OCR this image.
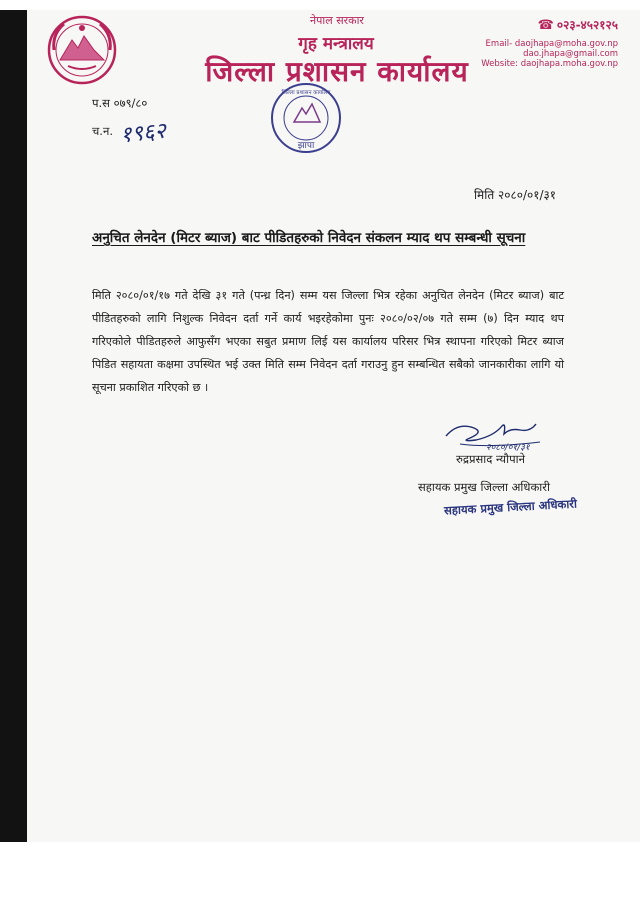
नेपाल सरकार
गृह मन्त्रालय
जिल्ला प्रशासन कार्यालय
☎ ०२३-४५२१२५
Email- daojhapa@moha.gov.np
dao.jhapa@gmail.com
Website: daojhapa.moha.gov.np
प.स ०७९/८०
च.न. १९६२	झापा
जिल्ला प्रशासन कार्यालय
मिति २०८०/०१/३१
अनुचित लेनदेन (मिटर ब्याज) बाट पीडितहरुको निवेदन संकलन म्याद थप सम्बन्धी सूचना
मिति २०८०/०१/१७ गते देखि ३१ गते (पन्ध्र दिन) सम्म यस जिल्ला भित्र रहेका अनुचित लेनदेन (मिटर ब्याज) बाट पीडितहरुको लागि निशुल्क निवेदन दर्ता गर्ने कार्य भइरहेकोमा पुनः २०८०/०२/०७ गते सम्म (७) दिन म्याद थप गरिएकोले पीडितहरुले आफुसँग भएका सबुत प्रमाण लिई यस कार्यालय परिसर भित्र स्थापना गरिएको मिटर ब्याज पिडित सहायता कक्षमा उपस्थित भई उक्त मिति सम्म निवेदन दर्ता गराउनु हुन सम्बन्धित सबैको जानकारीका लागि यो सूचना प्रकाशित गरिएको छ ।
२०८०/०१/३१
रुद्रप्रसाद न्यौपाने
सहायक प्रमुख जिल्ला अधिकारी
सहायक प्रमुख जिल्ला अधिकारी
